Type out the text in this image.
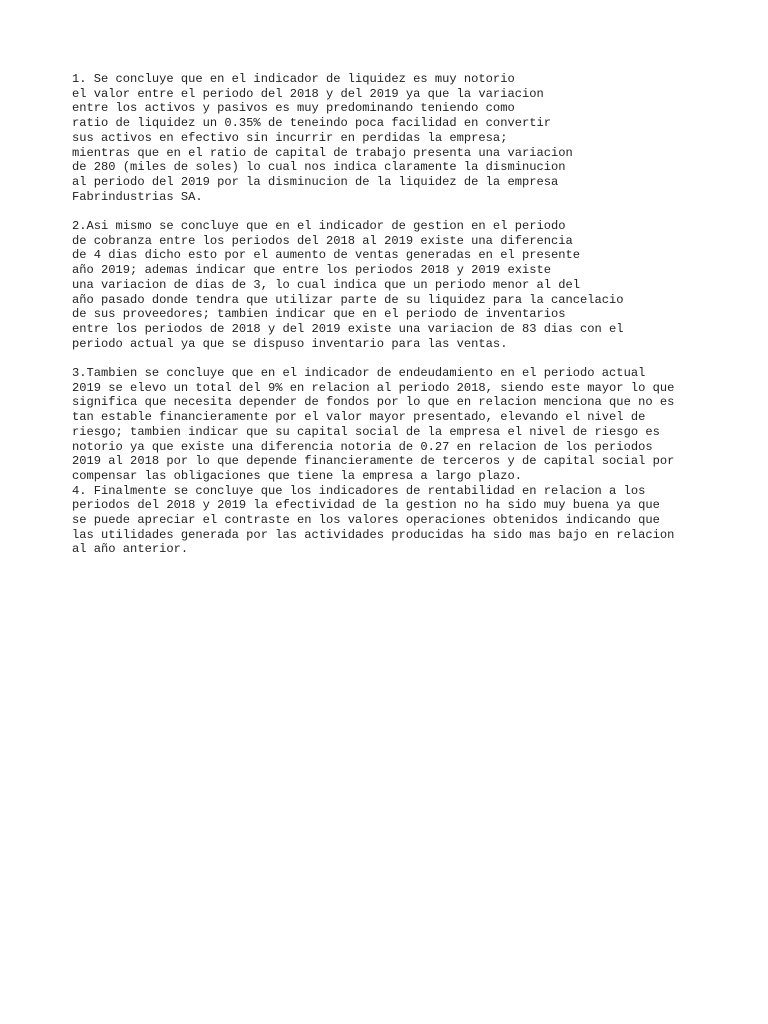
1. Se concluye que en el indicador de liquidez es muy notorio
el valor entre el periodo del 2018 y del 2019 ya que la variacion
entre los activos y pasivos es muy predominando teniendo como
ratio de liquidez un 0.35% de teneindo poca facilidad en convertir
sus activos en efectivo sin incurrir en perdidas la empresa;
mientras que en el ratio de capital de trabajo presenta una variacion
de 280 (miles de soles) lo cual nos indica claramente la disminucion
al periodo del 2019 por la disminucion de la liquidez de la empresa
Fabrindustrias SA.
2.Asi mismo se concluye que en el indicador de gestion en el periodo
de cobranza entre los periodos del 2018 al 2019 existe una diferencia
de 4 dias dicho esto por el aumento de ventas generadas en el presente
año 2019; ademas indicar que entre los periodos 2018 y 2019 existe
una variacion de dias de 3, lo cual indica que un periodo menor al del
año pasado donde tendra que utilizar parte de su liquidez para la cancelacio
de sus proveedores; tambien indicar que en el periodo de inventarios
entre los periodos de 2018 y del 2019 existe una variacion de 83 dias con el
periodo actual ya que se dispuso inventario para las ventas.
3.Tambien se concluye que en el indicador de endeudamiento en el periodo actual
2019 se elevo un total del 9% en relacion al periodo 2018, siendo este mayor lo que
significa que necesita depender de fondos por lo que en relacion menciona que no es
tan estable financieramente por el valor mayor presentado, elevando el nivel de
riesgo; tambien indicar que su capital social de la empresa el nivel de riesgo es
notorio ya que existe una diferencia notoria de 0.27 en relacion de los periodos
2019 al 2018 por lo que depende financieramente de terceros y de capital social por
compensar las obligaciones que tiene la empresa a largo plazo.
4. Finalmente se concluye que los indicadores de rentabilidad en relacion a los
periodos del 2018 y 2019 la efectividad de la gestion no ha sido muy buena ya que
se puede apreciar el contraste en los valores operaciones obtenidos indicando que
las utilidades generada por las actividades producidas ha sido mas bajo en relacion
al año anterior.
